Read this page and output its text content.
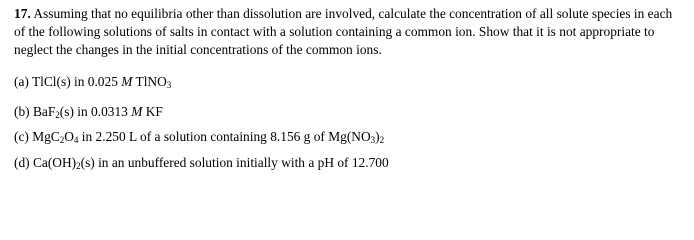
17. Assuming that no equilibria other than dissolution are involved, calculate the concentration of all solute species in each of the following solutions of salts in contact with a solution containing a common ion. Show that it is not appropriate to neglect the changes in the initial concentrations of the common ions.
(a) TlCl(s) in 0.025 M TlNO$_3$
(b) BaF$_2$(s) in 0.0313 M KF
(c) $MgC_2O_4$ in 2.250 L of a solution containing 8.156 g of $Mg(NO_3)_2$
(d) $Ca(OH)_2(s)$ in an unbuffered solution initially with a pH of 12.700
